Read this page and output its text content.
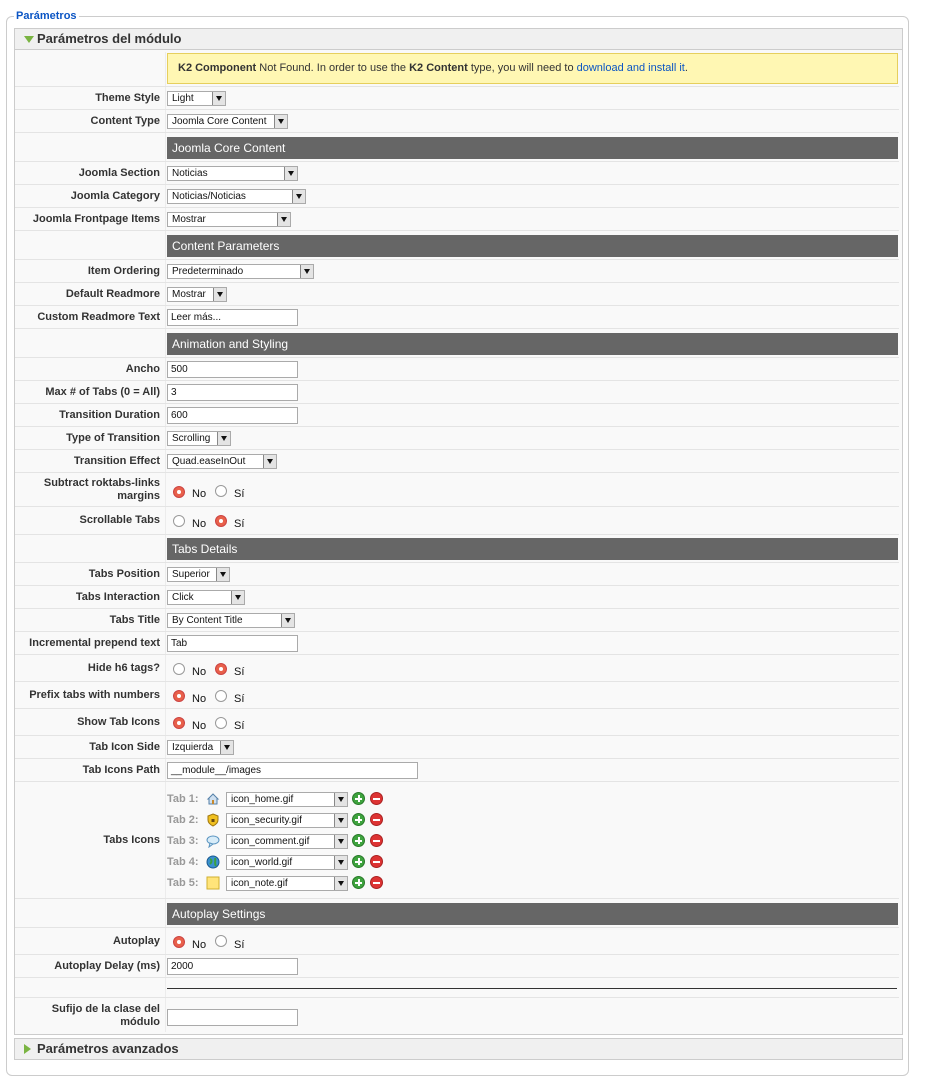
Parámetros
Parámetros del módulo
K2 Component Not Found. In order to use the K2 Content type, you will need to download and install it.
Theme Style	Light
Content Type	Joomla Core Content
Joomla Core Content
Joomla Section	Noticias
Joomla Category	Noticias/Noticias
Joomla Frontpage Items	Mostrar
Content Parameters
Item Ordering	Predeterminado
Default Readmore	Mostrar
Custom Readmore Text	Leer más...
Animation and Styling
Ancho	500
Max # of Tabs (0 = All)	3
Transition Duration	600
Type of Transition	Scrolling
Transition Effect	Quad.easeInOut
Subtract roktabs-links margins	No	Sí
Scrollable Tabs	No	Sí
Tabs Details
Tabs Position	Superior
Tabs Interaction	Click
Tabs Title	By Content Title
Incremental prepend text	Tab
Hide h6 tags?	No	Sí
Prefix tabs with numbers	No	Sí
Show Tab Icons	No	Sí
Tab Icon Side	Izquierda
Tab Icons Path	__module__/images
Tabs Icons
Tab 1:	icon_home.gif
Tab 2:	icon_security.gif
Tab 3:	icon_comment.gif
Tab 4:	icon_world.gif
Tab 5:	icon_note.gif
Autoplay Settings
Autoplay	No	Sí
Autoplay Delay (ms)	2000
Sufijo de la clase del módulo
Parámetros avanzados
